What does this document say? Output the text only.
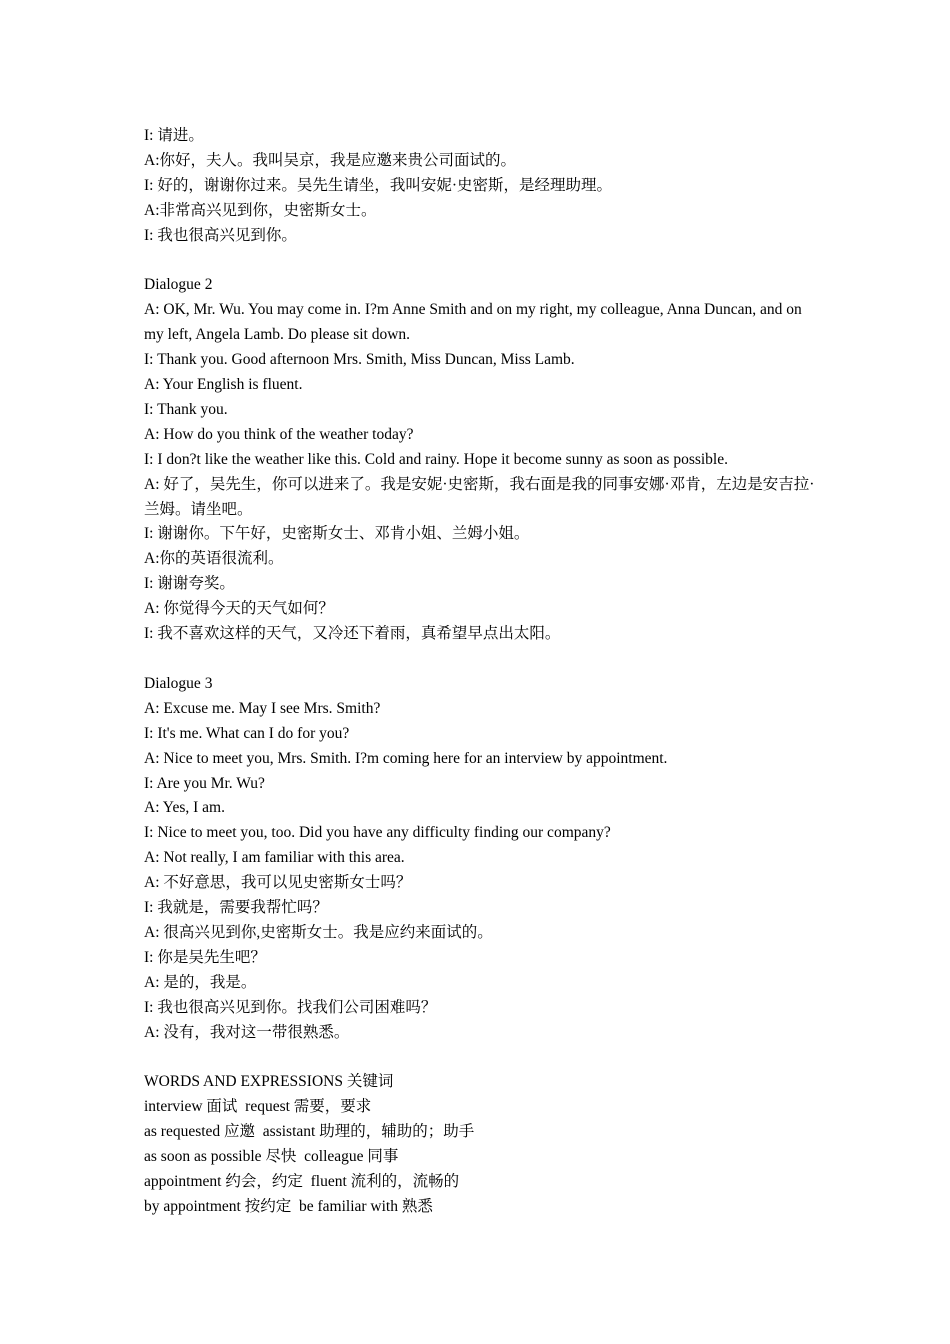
I: 请进。

A:你好，夫人。我叫吴京，我是应邀来贵公司面试的。

I: 好的，谢谢你过来。吴先生请坐，我叫安妮·史密斯，是经理助理。

A:非常高兴见到你，史密斯女士。

I: 我也很高兴见到你。

Dialogue 2

A: OK, Mr. Wu. You may come in. I?m Anne Smith and on my right, my colleague, Anna Duncan, and on my left, Angela Lamb. Do please sit down.

I: Thank you. Good afternoon Mrs. Smith, Miss Duncan, Miss Lamb.

A: Your English is fluent.

I: Thank you.

A: How do you think of the weather today?

I: I don?t like the weather like this. Cold and rainy. Hope it become sunny as soon as possible.

A: 好了，吴先生，你可以进来了。我是安妮·史密斯，我右面是我的同事安娜·邓肯，左边是安吉拉·兰姆。请坐吧。

I: 谢谢你。下午好，史密斯女士、邓肯小姐、兰姆小姐。

A:你的英语很流利。

I: 谢谢夸奖。

A: 你觉得今天的天气如何？

I: 我不喜欢这样的天气，又冷还下着雨，真希望早点出太阳。

Dialogue 3

A: Excuse me. May I see Mrs. Smith?

I: It's me. What can I do for you?

A: Nice to meet you, Mrs. Smith. I?m coming here for an interview by appointment.

I: Are you Mr. Wu?

A: Yes, I am.

I: Nice to meet you, too. Did you have any difficulty finding our company?

A: Not really, I am familiar with this area.

A: 不好意思，我可以见史密斯女士吗？

I: 我就是，需要我帮忙吗？

A: 很高兴见到你,史密斯女士。我是应约来面试的。

I: 你是吴先生吧？

A: 是的，我是。

I: 我也很高兴见到你。找我们公司困难吗？

A: 没有，我对这一带很熟悉。

WORDS AND EXPRESSIONS 关键词

interview 面试  request 需要，要求

as requested 应邀  assistant 助理的，辅助的；助手

as soon as possible 尽快  colleague 同事

appointment 约会，约定  fluent 流利的，流畅的

by appointment 按约定  be familiar with 熟悉
